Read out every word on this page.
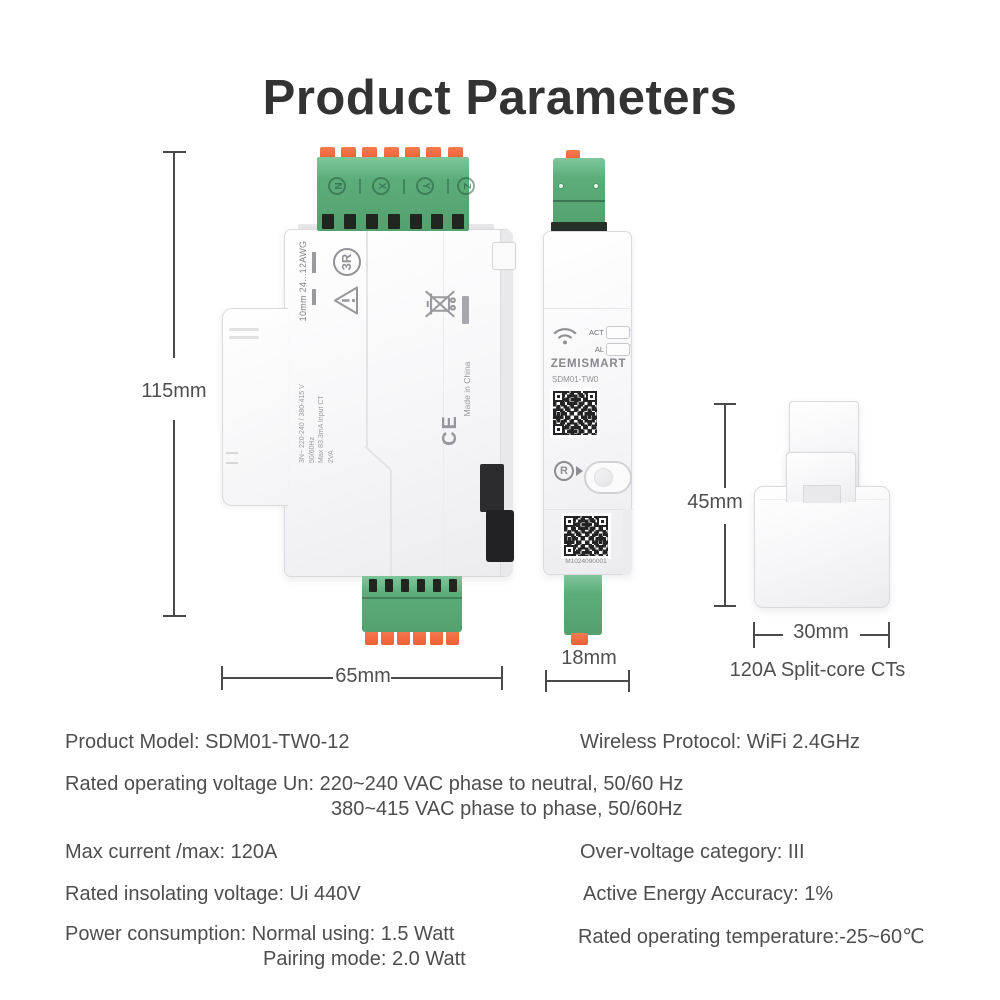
Product Parameters
115mm
N	X	Y	Z
10mm 24...12AWG	3R
3N~ 220-240 / 380-415 V 50/60Hz Max 83.3mA Input CT 2VA
CE
Made in China
65mm
ACT
AL
ZEMISMART
SDM01-TW0
R
M1024090001
18mm
45mm
30mm
120A Split-core CTs
Product Model: SDM01-TW0-12	Wireless Protocol: WiFi 2.4GHz
Rated operating voltage Un: 220~240 VAC phase to neutral, 50/60 Hz
380~415 VAC phase to phase, 50/60Hz
Max current /max: 120A	Over-voltage category: III
Rated insolating voltage: Ui 440V	Active Energy Accuracy: 1%
Power consumption: Normal using: 1.5 Watt
Pairing mode: 2.0 Watt
Rated operating temperature:-25~60℃
